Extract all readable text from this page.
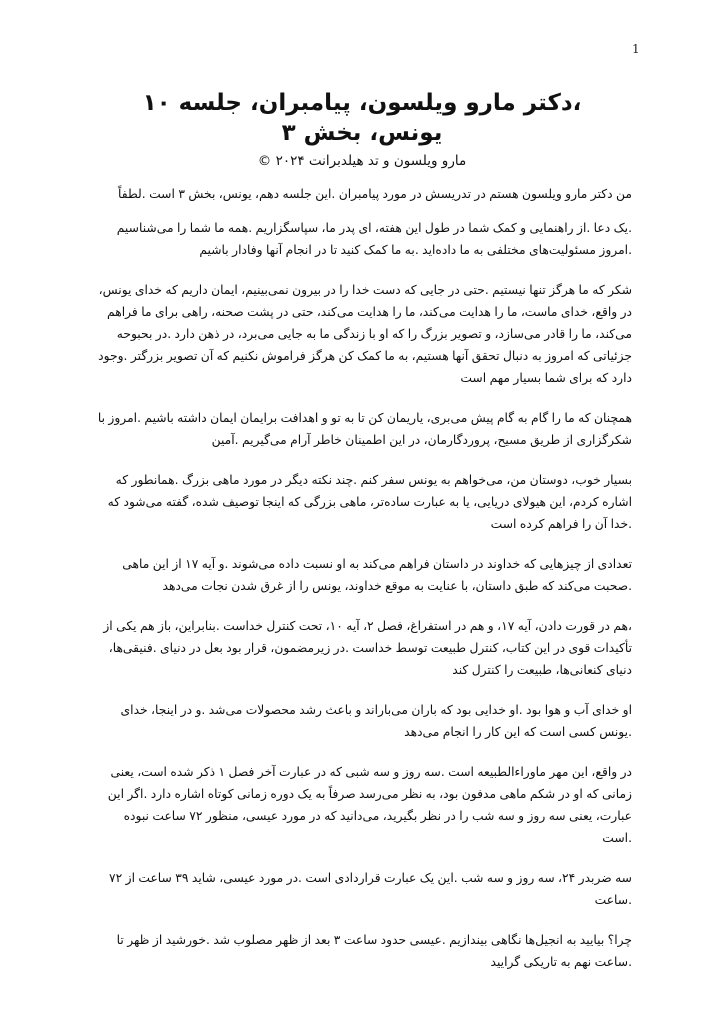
1
،دکتر مارو ویلسون، پیامبران، جلسه ۱۰
یونس، بخش ۳
مارو ویلسون و تد هیلدبرانت ۲۰۲۴ ©

من دکتر مارو ویلسون هستم در تدریسش در مورد پیامبران .این جلسه دهم، یونس، بخش ۳ است .لطفاً

.یک دعا .از راهنمایی و کمک شما در طول این هفته، ای پدر ما، سپاسگزاریم .همه ما شما را می‌شناسیم .امروز مسئولیت‌های مختلفی به ما داده‌اید .به ما کمک کنید تا در انجام آنها وفادار باشیم

شکر که ما هرگز تنها نیستیم .حتی در جایی که دست خدا را در بیرون نمی‌بینیم، ایمان داریم که خدای یونس، در واقع، خدای ماست، ما را هدایت می‌کند، ما را هدایت می‌کند، حتی در پشت صحنه، راهی برای ما فراهم می‌کند، ما را قادر می‌سازد، و تصویر بزرگ را که او با زندگی ما به جایی می‌برد، در ذهن دارد .در بحبوحه جزئیاتی که امروز به دنبال تحقق آنها هستیم، به ما کمک کن هرگز فراموش نکنیم که آن تصویر بزرگتر .وجود دارد که برای شما بسیار مهم است

همچنان که ما را گام به گام پیش می‌بری، یاریمان کن تا به تو و اهدافت برایمان ایمان داشته باشیم .امروز با شکرگزاری از طریق مسیح، پروردگارمان، در این اطمینان خاطر آرام می‌گیریم .آمین

بسیار خوب، دوستان من، می‌خواهم به یونس سفر کنم .چند نکته دیگر در مورد ماهی بزرگ .همانطور که اشاره کردم، این هیولای دریایی، یا به عبارت ساده‌تر، ماهی بزرگی که اینجا توصیف شده، گفته می‌شود که .خدا آن را فراهم کرده است

تعدادی از چیزهایی که خداوند در داستان فراهم می‌کند به او نسبت داده می‌شوند .و آیه ۱۷ از این ماهی .صحبت می‌کند که طبق داستان، با عنایت به موقع خداوند، یونس را از غرق شدن نجات می‌دهد

،هم در قورت دادن، آیه ۱۷، و هم در استفراغ، فصل ۲، آیه ۱۰، تحت کنترل خداست .بنابراین، باز هم یکی از تأکیدات قوی در این کتاب، کنترل طبیعت توسط خداست .در زیرمضمون، قرار بود بعل در دنیای .فنیقی‌ها، دنیای کنعانی‌ها، طبیعت را کنترل کند

او خدای آب و هوا بود .او خدایی بود که باران می‌باراند و باعث رشد محصولات می‌شد .و در اینجا، خدای .یونس کسی است که این کار را انجام می‌دهد

در واقع، این مهر ماوراءالطبیعه است .سه روز و سه شبی که در عبارت آخر فصل ۱ ذکر شده است، یعنی زمانی که او در شکم ماهی مدفون بود، به نظر می‌رسد صرفاً به یک دوره زمانی کوتاه اشاره دارد .اگر این عبارت، یعنی سه روز و سه شب را در نظر بگیرید، می‌دانید که در مورد عیسی، منظور ۷۲ ساعت نبوده .است

سه ضربدر ۲۴، سه روز و سه شب .این یک عبارت قراردادی است .در مورد عیسی، شاید ۳۹ ساعت از ۷۲ .ساعت

چرا؟ بیایید به انجیل‌ها نگاهی بیندازیم .عیسی حدود ساعت ۳ بعد از ظهر مصلوب شد .خورشید از ظهر تا .ساعت نهم به تاریکی گرایید
